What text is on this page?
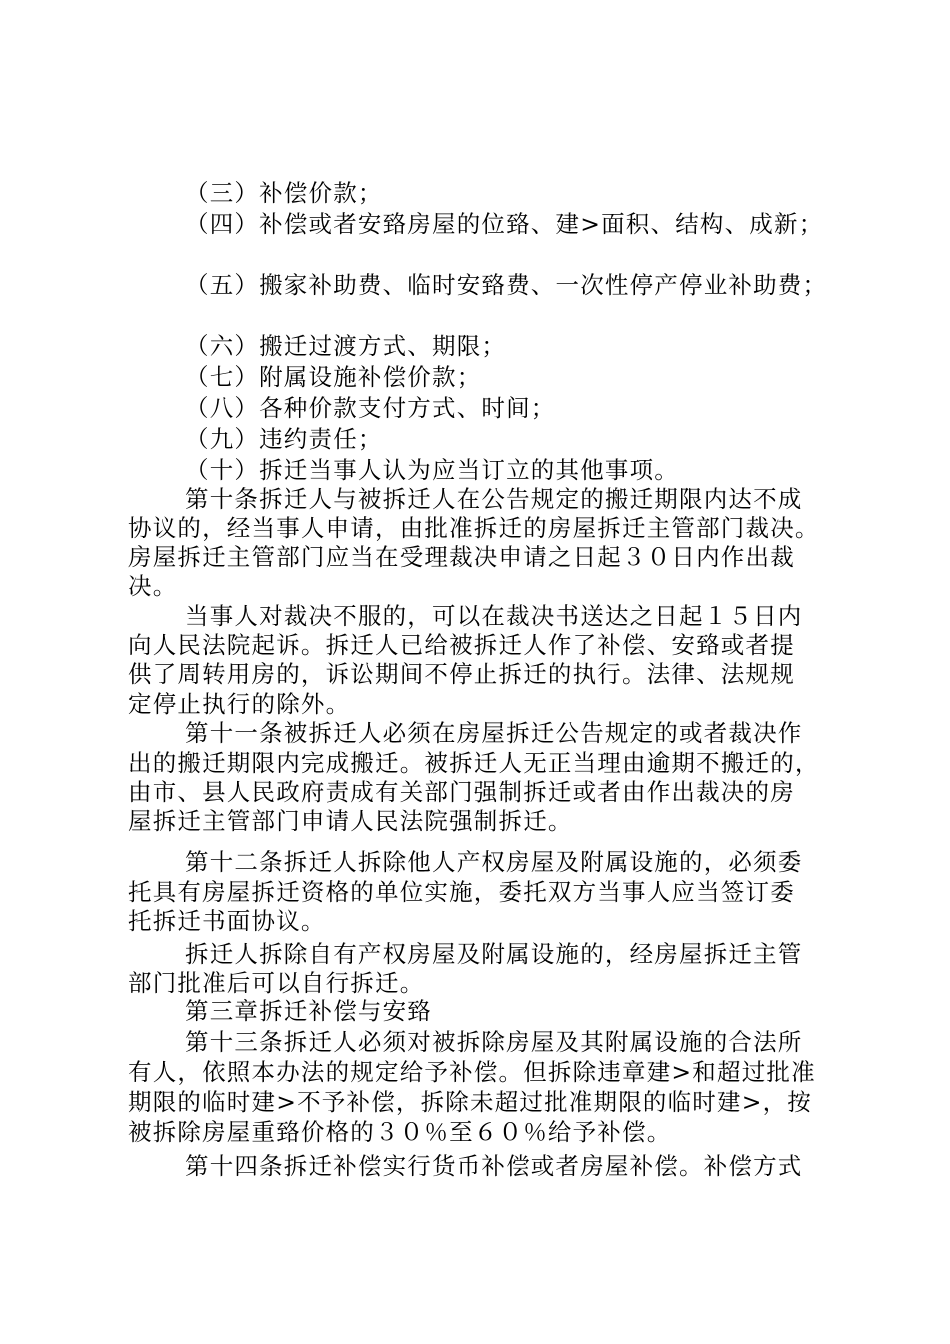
（三）补偿价款；

（四）补偿或者安臵房屋的位臵、建>面积、结构、成新；

（五）搬家补助费、临时安臵费、一次性停产停业补助费；

（六）搬迁过渡方式、期限；

（七）附属设施补偿价款；

（八）各种价款支付方式、时间；

（九）违约责任；

（十）拆迁当事人认为应当订立的其他事项。

第十条拆迁人与被拆迁人在公告规定的搬迁期限内达不成

协议的，经当事人申请，由批准拆迁的房屋拆迁主管部门裁决。

房屋拆迁主管部门应当在受理裁决申请之日起３０日内作出裁

决。

当事人对裁决不服的，可以在裁决书送达之日起１５日内

向人民法院起诉。拆迁人已给被拆迁人作了补偿、安臵或者提

供了周转用房的，诉讼期间不停止拆迁的执行。法律、法规规

定停止执行的除外。

第十一条被拆迁人必须在房屋拆迁公告规定的或者裁决作

出的搬迁期限内完成搬迁。被拆迁人无正当理由逾期不搬迁的，

由市、县人民政府责成有关部门强制拆迁或者由作出裁决的房

屋拆迁主管部门申请人民法院强制拆迁。

第十二条拆迁人拆除他人产权房屋及附属设施的，必须委

托具有房屋拆迁资格的单位实施，委托双方当事人应当签订委

托拆迁书面协议。

拆迁人拆除自有产权房屋及附属设施的，经房屋拆迁主管

部门批准后可以自行拆迁。

第三章拆迁补偿与安臵

第十三条拆迁人必须对被拆除房屋及其附属设施的合法所

有人，依照本办法的规定给予补偿。但拆除违章建>和超过批准

期限的临时建>不予补偿，拆除未超过批准期限的临时建>，按

被拆除房屋重臵价格的３０％至６０％给予补偿。

第十四条拆迁补偿实行货币补偿或者房屋补偿。补偿方式
